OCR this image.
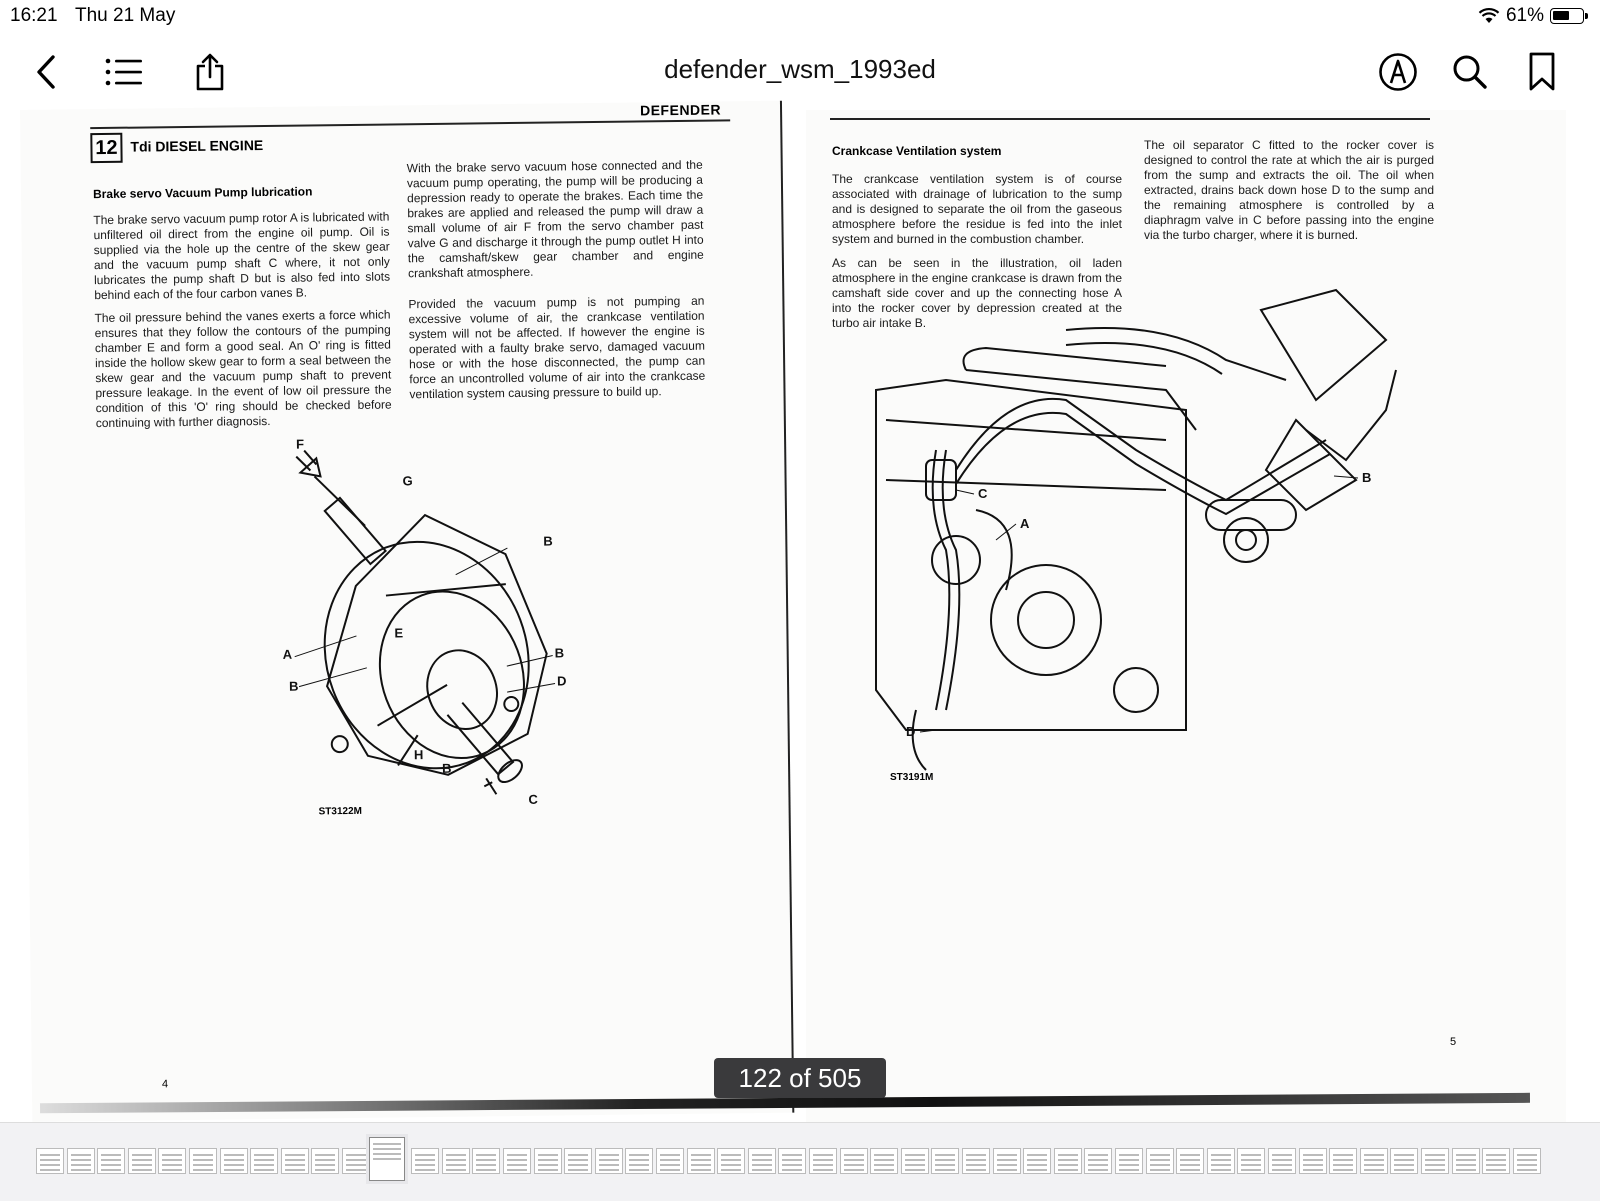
16:21 Thu 21 May	61%
defender_wsm_1993ed
DEFENDER
12 Tdi DIESEL ENGINE
Brake servo Vacuum Pump lubrication
The brake servo vacuum pump rotor A is lubricated with unfiltered oil direct from the engine oil pump. Oil is supplied via the hole up the centre of the skew gear and the vacuum pump shaft C where, it not only lubricates the pump shaft D but is also fed into slots behind each of the four carbon vanes B.
The oil pressure behind the vanes exerts a force which ensures that they follow the contours of the pumping chamber E and form a good seal. An O' ring is fitted inside the hollow skew gear to form a seal between the skew gear and the vacuum pump shaft to prevent pressure leakage. In the event of low oil pressure the condition of this 'O' ring should be checked before continuing with further diagnosis.
With the brake servo vacuum hose connected and the vacuum pump operating, the pump will be producing a depression ready to operate the brakes. Each time the brakes are applied and released the pump will draw a small volume of air F from the servo chamber past valve G and discharge it through the pump outlet H into the camshaft/skew gear chamber and engine crankshaft atmosphere.
Provided the vacuum pump is not pumping an excessive volume of air, the crankcase ventilation system will not be affected. If however the engine is operated with a faulty brake servo, damaged vacuum hose or with the hose disconnected, the pump can force an uncontrolled volume of air into the crankcase ventilation system causing pressure to build up.
F
G
B
E
A
B
B
D
H
B
C
ST3122M
4
Crankcase Ventilation system
The crankcase ventilation system is of course associated with drainage of lubrication to the sump and is designed to separate the oil from the gaseous atmosphere before the residue is fed into the inlet system and burned in the combustion chamber.
As can be seen in the illustration, oil laden atmosphere in the engine crankcase is drawn from the camshaft side cover and up the connecting hose A into the rocker cover by depression created at the turbo air intake B.
The oil separator C fitted to the rocker cover is designed to control the rate at which the air is purged from the sump and extracts the oil. The oil when extracted, drains back down hose D to the sump and the remaining atmosphere is controlled by a diaphragm valve in C before passing into the engine via the turbo charger, where it is burned.
C
A
B
D
ST3191M
5
122 of 505
